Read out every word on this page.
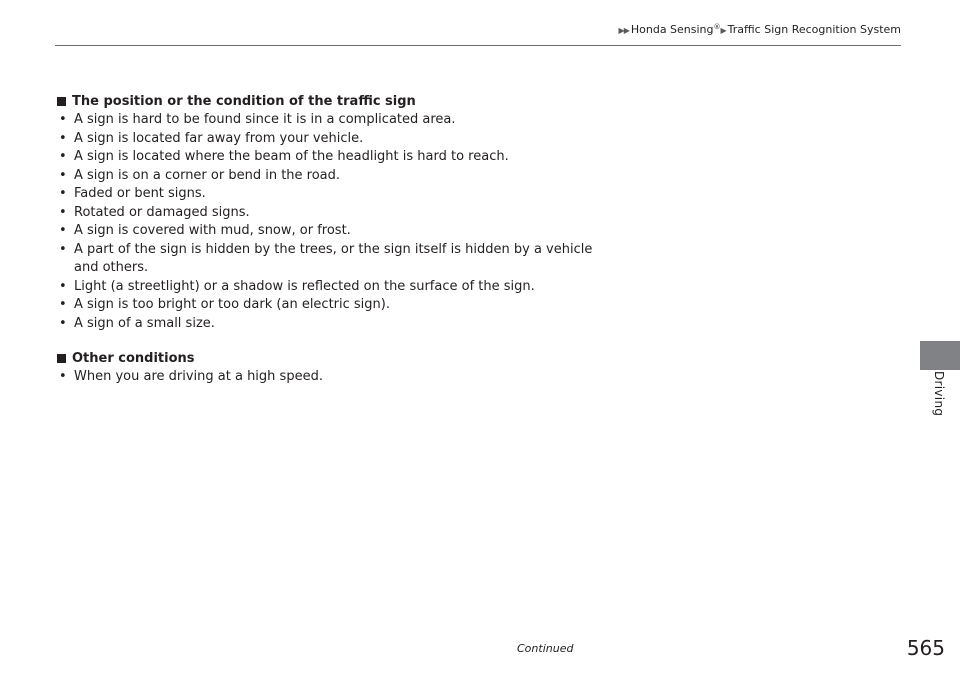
▶▶ Honda Sensing®▶ Traffic Sign Recognition System
The position or the condition of the traffic sign
• A sign is hard to be found since it is in a complicated area.
• A sign is located far away from your vehicle.
• A sign is located where the beam of the headlight is hard to reach.
• A sign is on a corner or bend in the road.
• Faded or bent signs.
• Rotated or damaged signs.
• A sign is covered with mud, snow, or frost.
• A part of the sign is hidden by the trees, or the sign itself is hidden by a vehicle and others.
• Light (a streetlight) or a shadow is reflected on the surface of the sign.
• A sign is too bright or too dark (an electric sign).
• A sign of a small size.
Other conditions
• When you are driving at a high speed.	Driving
Continued	565
